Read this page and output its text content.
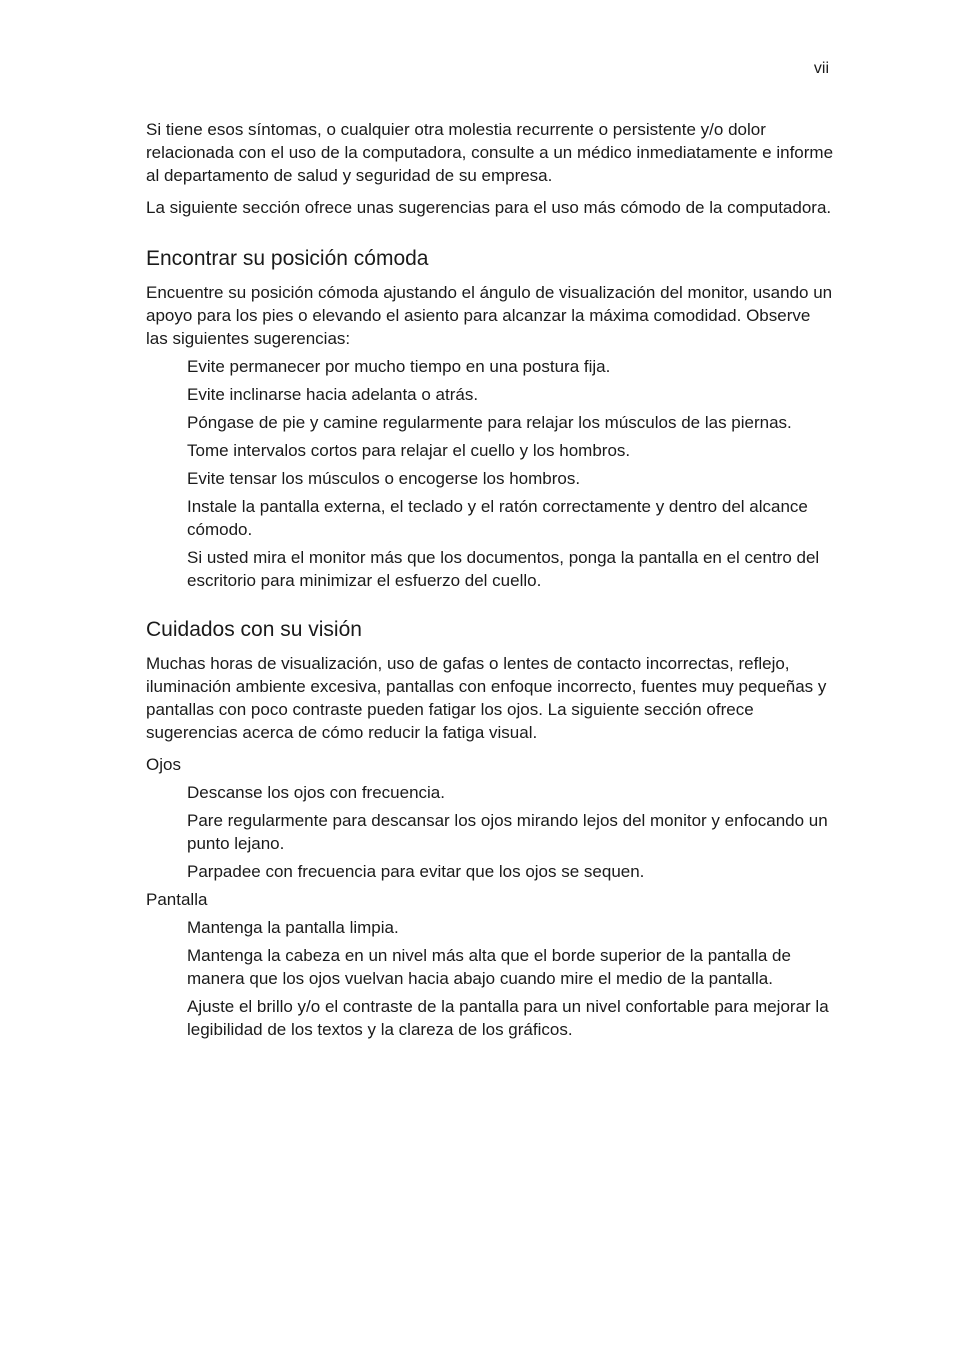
vii

Si tiene esos síntomas, o cualquier otra molestia recurrente o persistente y/o dolor relacionada con el uso de la computadora, consulte a un médico inmediatamente e informe al departamento de salud y seguridad de su empresa.

La siguiente sección ofrece unas sugerencias para el uso más cómodo de la computadora.

Encontrar su posición cómoda

Encuentre su posición cómoda ajustando el ángulo de visualización del monitor, usando un apoyo para los pies o elevando el asiento para alcanzar la máxima comodidad. Observe las siguientes sugerencias:

Evite permanecer por mucho tiempo en una postura fija.
Evite inclinarse hacia adelanta o atrás.
Póngase de pie y camine regularmente para relajar los músculos de las piernas.
Tome intervalos cortos para relajar el cuello y los hombros.
Evite tensar los músculos o encogerse los hombros.
Instale la pantalla externa, el teclado y el ratón correctamente y dentro del alcance cómodo.
Si usted mira el monitor más que los documentos, ponga la pantalla en el centro del escritorio para minimizar el esfuerzo del cuello.
Cuidados con su visión

Muchas horas de visualización, uso de gafas o lentes de contacto incorrectas, reflejo, iluminación ambiente excesiva, pantallas con enfoque incorrecto, fuentes muy pequeñas y pantallas con poco contraste pueden fatigar los ojos. La siguiente sección ofrece sugerencias acerca de cómo reducir la fatiga visual.

Ojos
Descanse los ojos con frecuencia.
Pare regularmente para descansar los ojos mirando lejos del monitor y enfocando un punto lejano.
Parpadee con frecuencia para evitar que los ojos se sequen.
Pantalla
Mantenga la pantalla limpia.
Mantenga la cabeza en un nivel más alta que el borde superior de la pantalla de manera que los ojos vuelvan hacia abajo cuando mire el medio de la pantalla.
Ajuste el brillo y/o el contraste de la pantalla para un nivel confortable para mejorar la legibilidad de los textos y la clareza de los gráficos.
